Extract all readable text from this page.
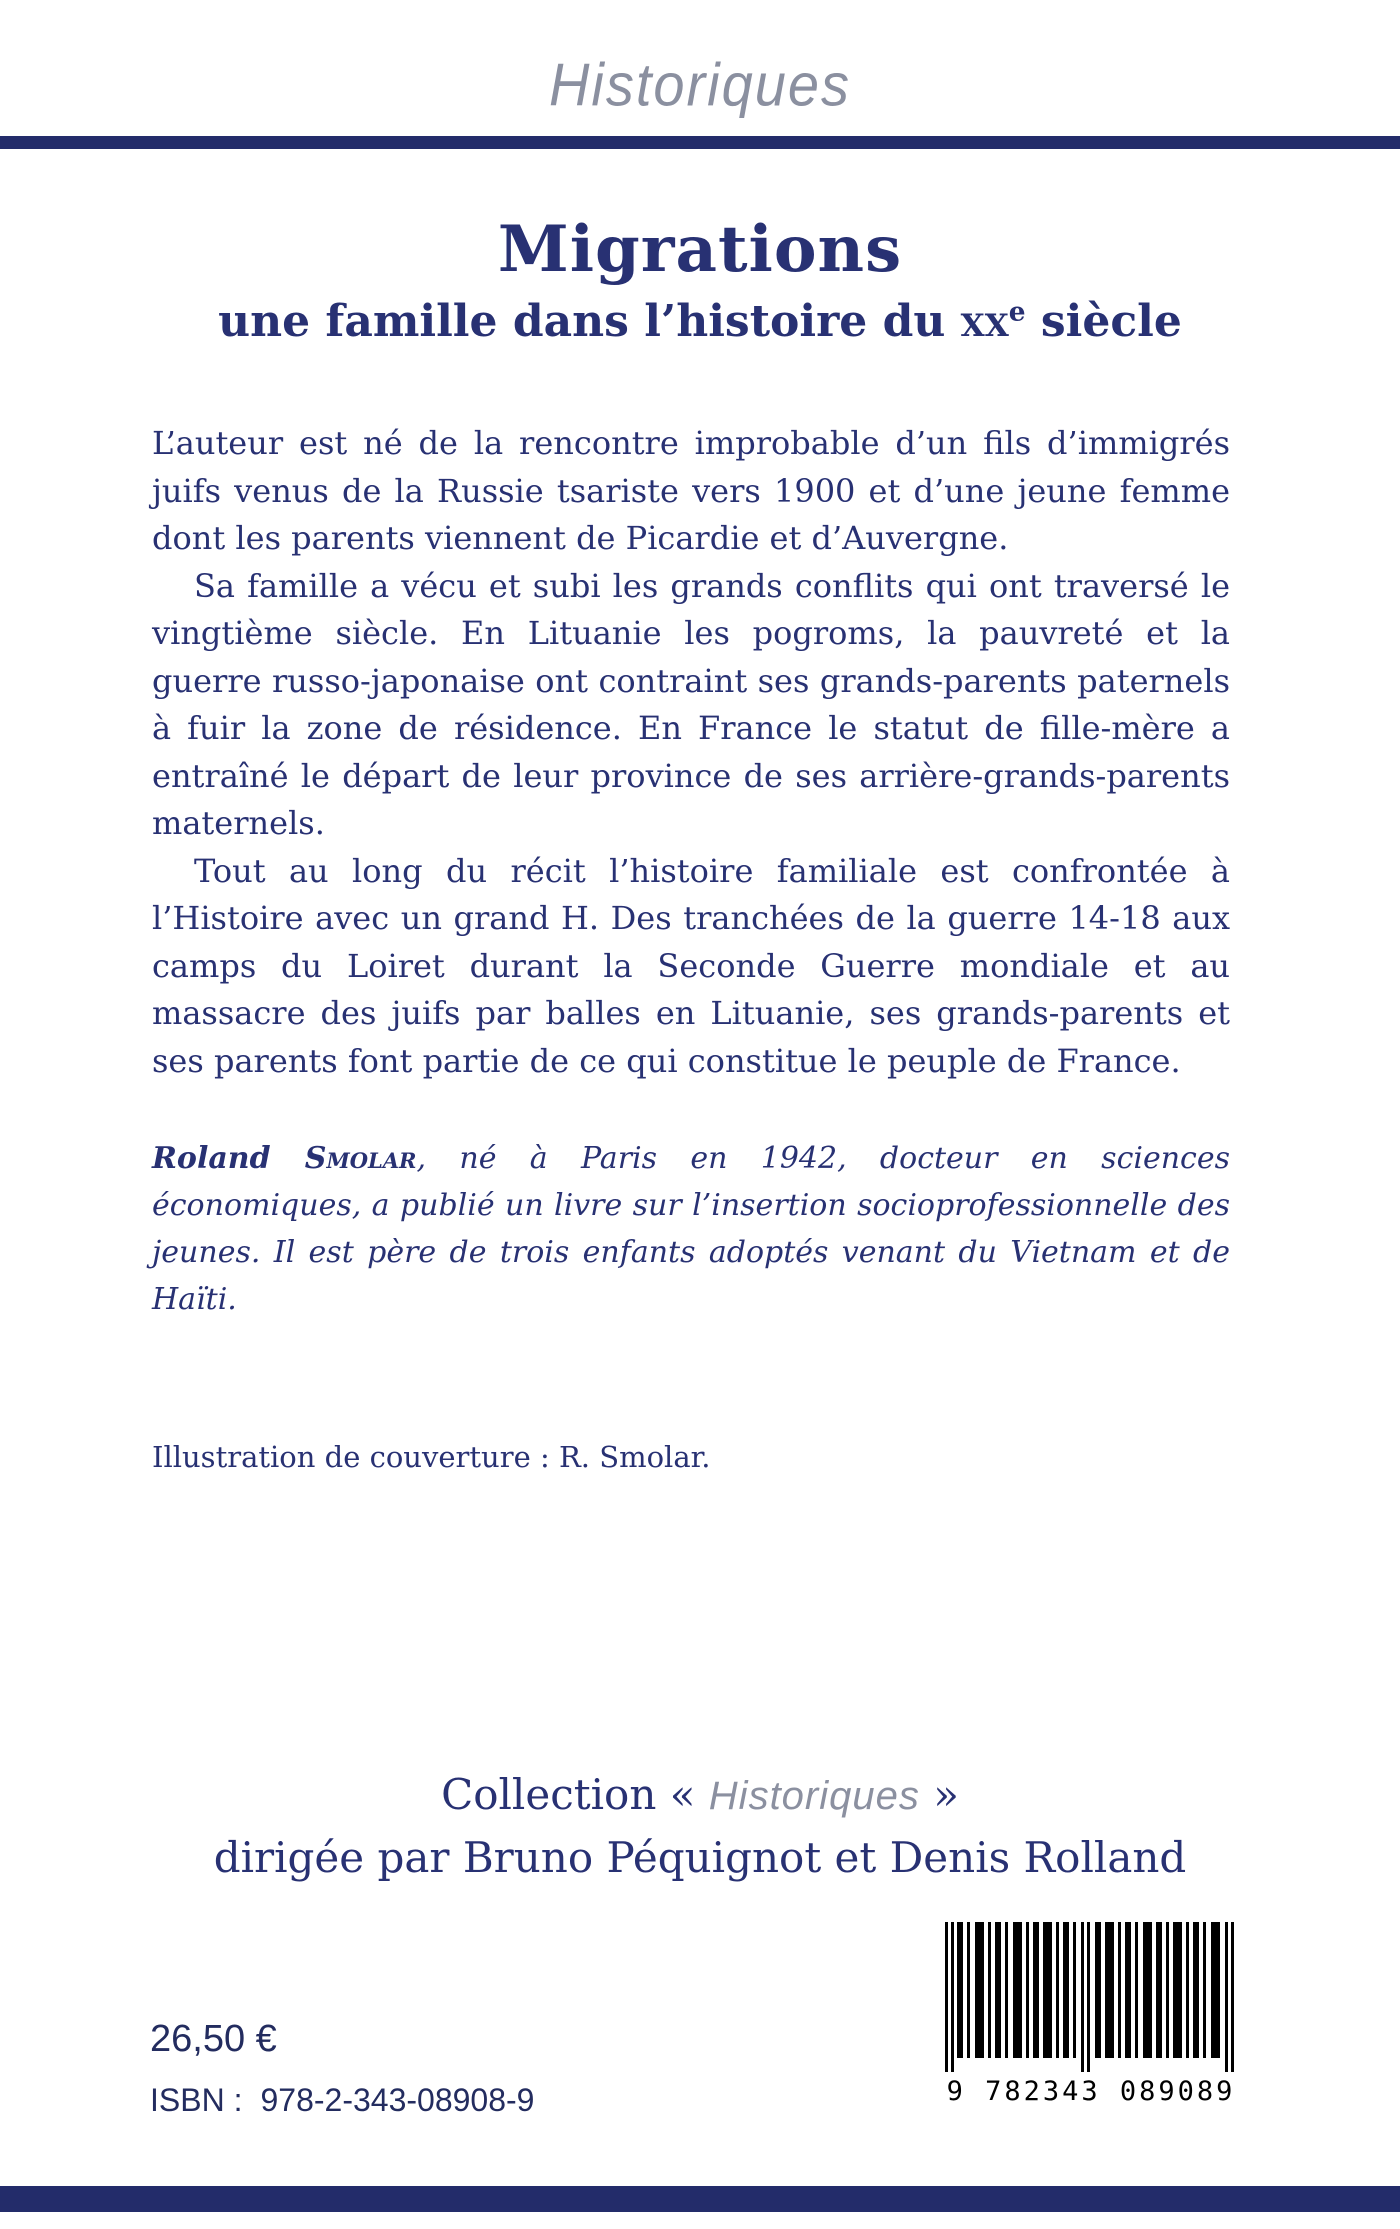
Historiques
Migrations
une famille dans l’histoire du $xx^e$ siècle

L’auteur est né de la rencontre improbable d’un fils d’immigrés juifs venus de la Russie tsariste vers 1900 et d’une jeune femme dont les parents viennent de Picardie et d’Auvergne.

Sa famille a vécu et subi les grands conflits qui ont traversé le vingtième siècle. En Lituanie les pogroms, la pauvreté et la guerre russo-japonaise ont contraint ses grands-parents paternels à fuir la zone de résidence. En France le statut de fille-mère a entraîné le départ de leur province de ses arrière-grands-parents maternels.

Tout au long du récit l’histoire familiale est confrontée à l’Histoire avec un grand H. Des tranchées de la guerre 14-18 aux camps du Loiret durant la Seconde Guerre mondiale et au massacre des juifs par balles en Lituanie, ses grands-parents et ses parents font partie de ce qui constitue le peuple de France.

Roland Smolar, né à Paris en 1942, docteur en sciences économiques, a publié un livre sur l’insertion socioprofessionnelle des jeunes. Il est père de trois enfants adoptés venant du Vietnam et de Haïti.
Illustration de couverture : R. Smolar.
Collection « Historiques »
dirigée par Bruno Péquignot et Denis Rolland
9 782343 089089
26,50 €
ISBN : 978-2-343-08908-9
